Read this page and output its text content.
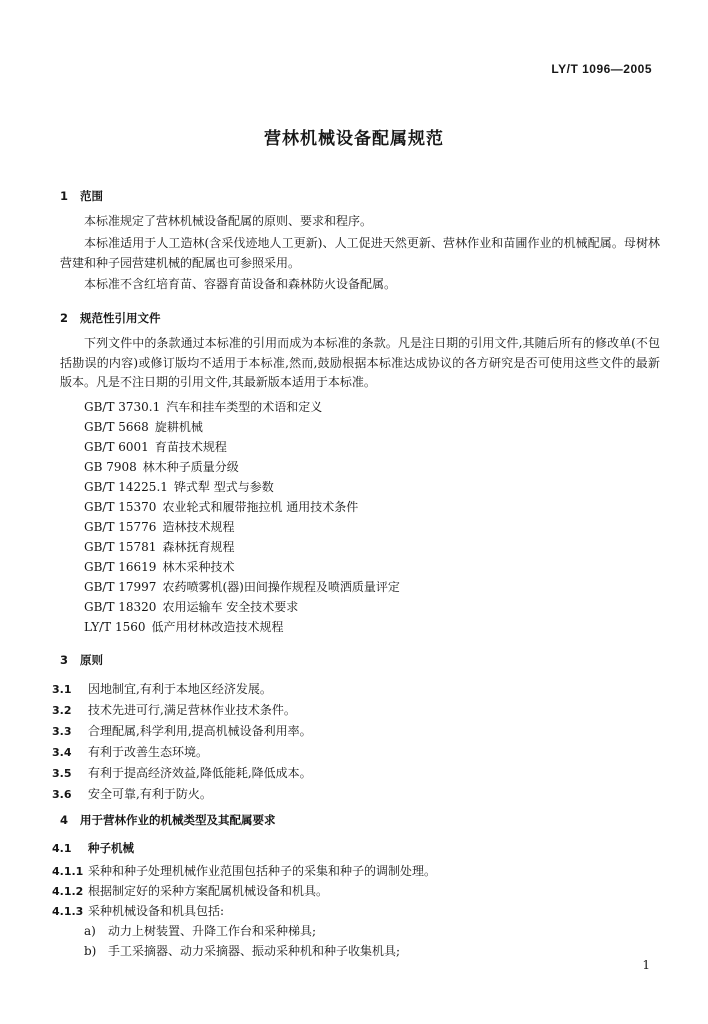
LY/T 1096—2005
营林机械设备配属规范
1 范围

本标准规定了营林机械设备配属的原则、要求和程序。

本标准适用于人工造林(含采伐迹地人工更新)、人工促进天然更新、营林作业和苗圃作业的机械配属。母树林营建和种子园营建机械的配属也可参照采用。

本标准不含红培育苗、容器育苗设备和森林防火设备配属。

2 规范性引用文件

下列文件中的条款通过本标准的引用而成为本标准的条款。凡是注日期的引用文件,其随后所有的修改单(不包括勘误的内容)或修订版均不适用于本标准,然而,鼓励根据本标准达成协议的各方研究是否可使用这些文件的最新版本。凡是不注日期的引用文件,其最新版本适用于本标准。

GB/T 3730.1 汽车和挂车类型的术语和定义
GB/T 5668 旋耕机械
GB/T 6001 育苗技术规程
GB 7908 林木种子质量分级
GB/T 14225.1 铧式犁 型式与参数
GB/T 15370 农业轮式和履带拖拉机 通用技术条件
GB/T 15776 造林技术规程
GB/T 15781 森林抚育规程
GB/T 16619 林木采种技术
GB/T 17997 农药喷雾机(器)田间操作规程及喷洒质量评定
GB/T 18320 农用运输车 安全技术要求
LY/T 1560 低产用材林改造技术规程
3 原则
3.1 因地制宜,有利于本地区经济发展。
3.2 技术先进可行,满足营林作业技术条件。
3.3 合理配属,科学利用,提高机械设备利用率。
3.4 有利于改善生态环境。
3.5 有利于提高经济效益,降低能耗,降低成本。
3.6 安全可靠,有利于防火。
4 用于营林作业的机械类型及其配属要求
4.1 种子机械
4.1.1 采种和种子处理机械作业范围包括种子的采集和种子的调制处理。
4.1.2 根据制定好的采种方案配属机械设备和机具。
4.1.3 采种机械设备和机具包括:
a) 动力上树装置、升降工作台和采种梯具;
b) 手工采摘器、动力采摘器、振动采种机和种子收集机具;
1
